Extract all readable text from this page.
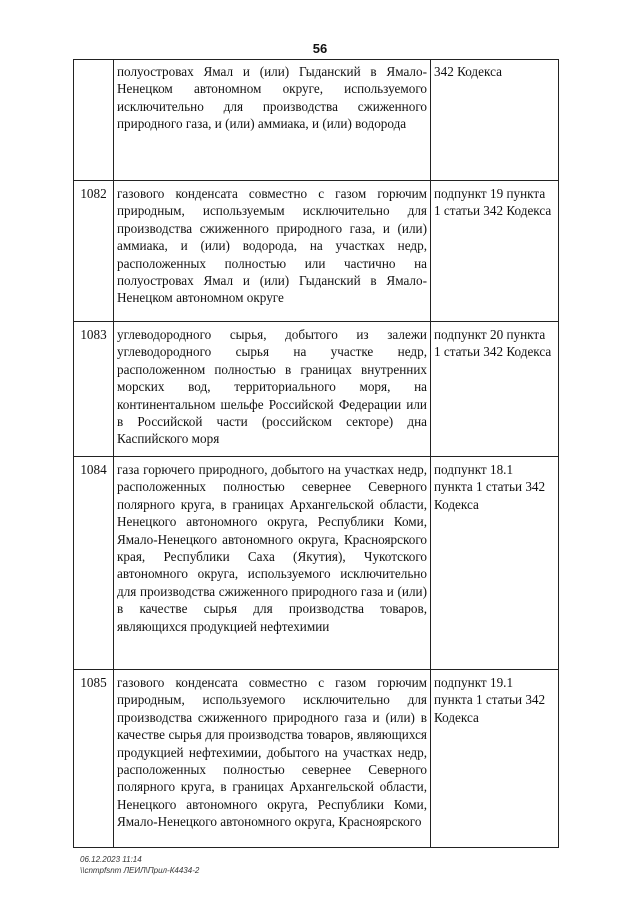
56
	полуостровах Ямал и (или) Гыданский в Ямало-Ненецком автономном округе, используемого исключительно для производства сжиженного природного газа, и (или) аммиака, и (или) водорода	342 Кодекса
1082	газового конденсата совместно с газом горючим природным, используемым исключительно для производства сжиженного природного газа, и (или) аммиака, и (или) водорода, на участках недр, расположенных полностью или частично на полуостровах Ямал и (или) Гыданский в Ямало-Ненецком автономном округе	подпункт 19 пункта 1 статьи 342 Кодекса
1083	углеводородного сырья, добытого из залежи углеводородного сырья на участке недр, расположенном полностью в границах внутренних морских вод, территориального моря, на континентальном шельфе Российской Федерации или в Российской части (российском секторе) дна Каспийского моря	подпункт 20 пункта 1 статьи 342 Кодекса
1084	газа горючего природного, добытого на участках недр, расположенных полностью севернее Северного полярного круга, в границах Архангельской области, Ненецкого автономного округа, Республики Коми, Ямало-Ненецкого автономного округа, Красноярского края, Республики Саха (Якутия), Чукотского автономного округа, используемого исключительно для производства сжиженного природного газа и (или) в качестве сырья для производства товаров, являющихся продукцией нефтехимии	подпункт 18.1 пункта 1 статьи 342 Кодекса
1085	газового конденсата совместно с газом горючим природным, используемого исключительно для производства сжиженного природного газа и (или) в качестве сырья для производства товаров, являющихся продукцией нефтехимии, добытого на участках недр, расположенных полностью севернее Северного полярного круга, в границах Архангельской области, Ненецкого автономного округа, Республики Коми, Ямало-Ненецкого автономного округа, Красноярского	подпункт 19.1 пункта 1 статьи 342 Кодекса
06.12.2023 11:14
\\cnmpfsnm ЛЕИЛ\Прил-К4434-2
